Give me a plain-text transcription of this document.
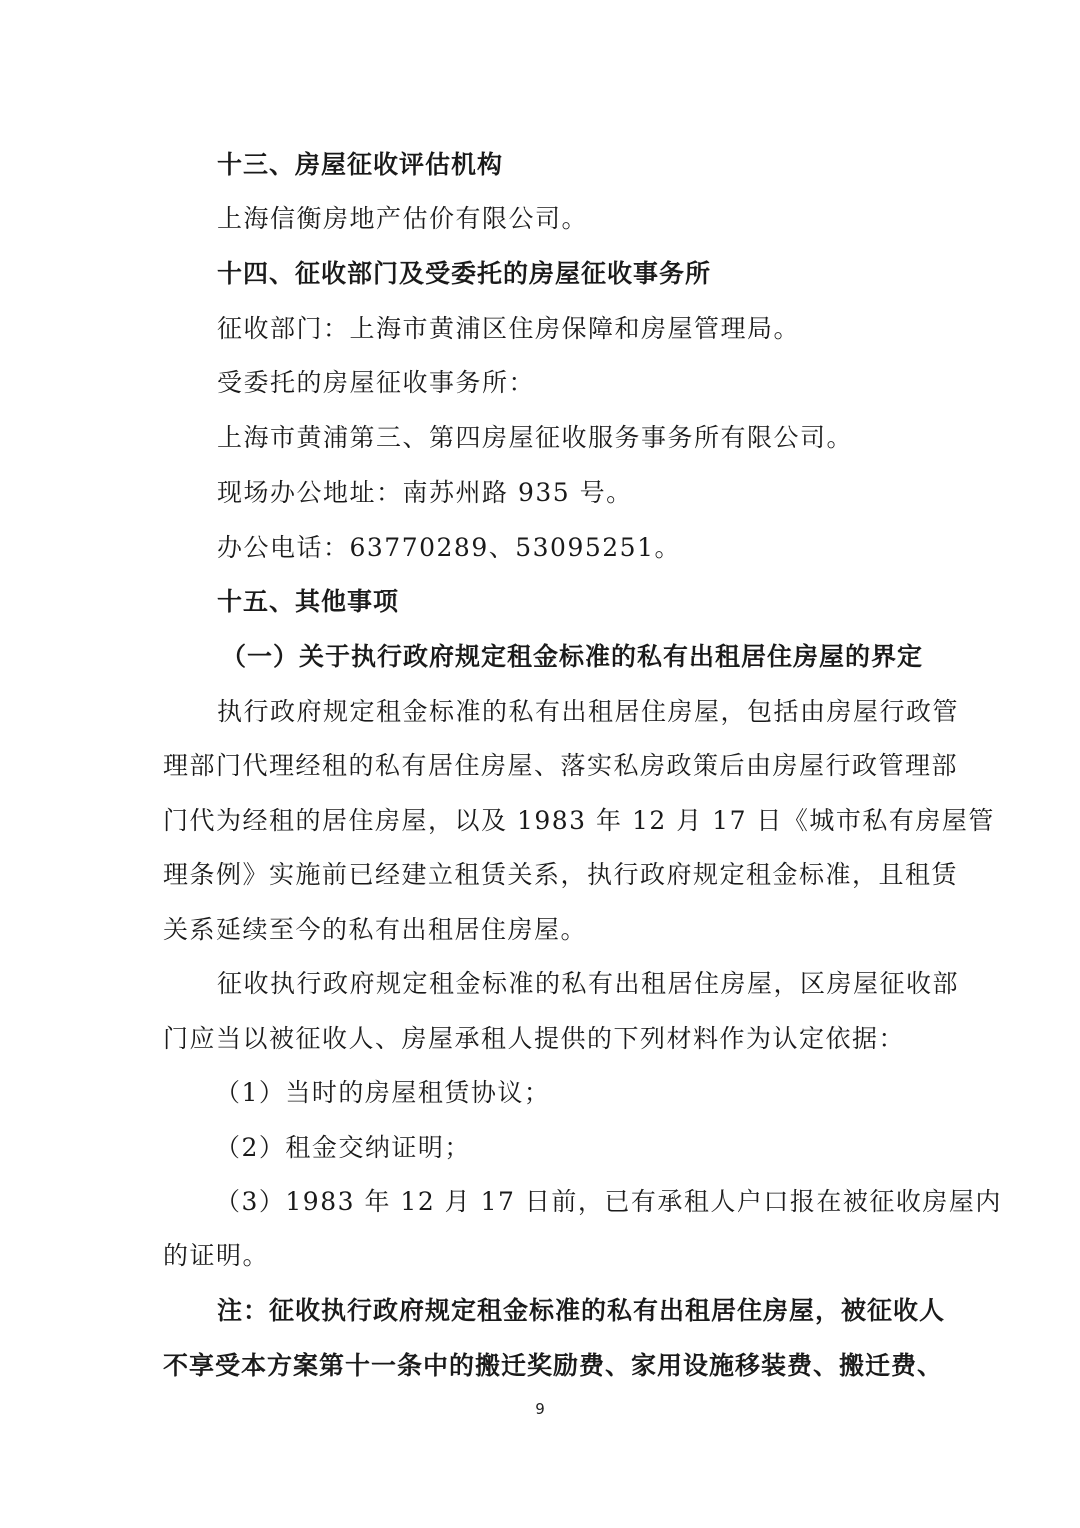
十三、房屋征收评估机构
上海信衡房地产估价有限公司。
十四、征收部门及受委托的房屋征收事务所
征收部门：上海市黄浦区住房保障和房屋管理局。
受委托的房屋征收事务所：
上海市黄浦第三、第四房屋征收服务事务所有限公司。
现场办公地址：南苏州路 935 号。
办公电话：63770289、53095251。
十五、其他事项
（一）关于执行政府规定租金标准的私有出租居住房屋的界定
执行政府规定租金标准的私有出租居住房屋，包括由房屋行政管
理部门代理经租的私有居住房屋、落实私房政策后由房屋行政管理部
门代为经租的居住房屋，以及 1983 年 12 月 17 日《城市私有房屋管
理条例》实施前已经建立租赁关系，执行政府规定租金标准，且租赁
关系延续至今的私有出租居住房屋。
征收执行政府规定租金标准的私有出租居住房屋，区房屋征收部
门应当以被征收人、房屋承租人提供的下列材料作为认定依据：
（1）当时的房屋租赁协议；
（2）租金交纳证明；
（3）1983 年 12 月 17 日前，已有承租人户口报在被征收房屋内
的证明。
注：征收执行政府规定租金标准的私有出租居住房屋，被征收人
不享受本方案第十一条中的搬迁奖励费、家用设施移装费、搬迁费、
9
